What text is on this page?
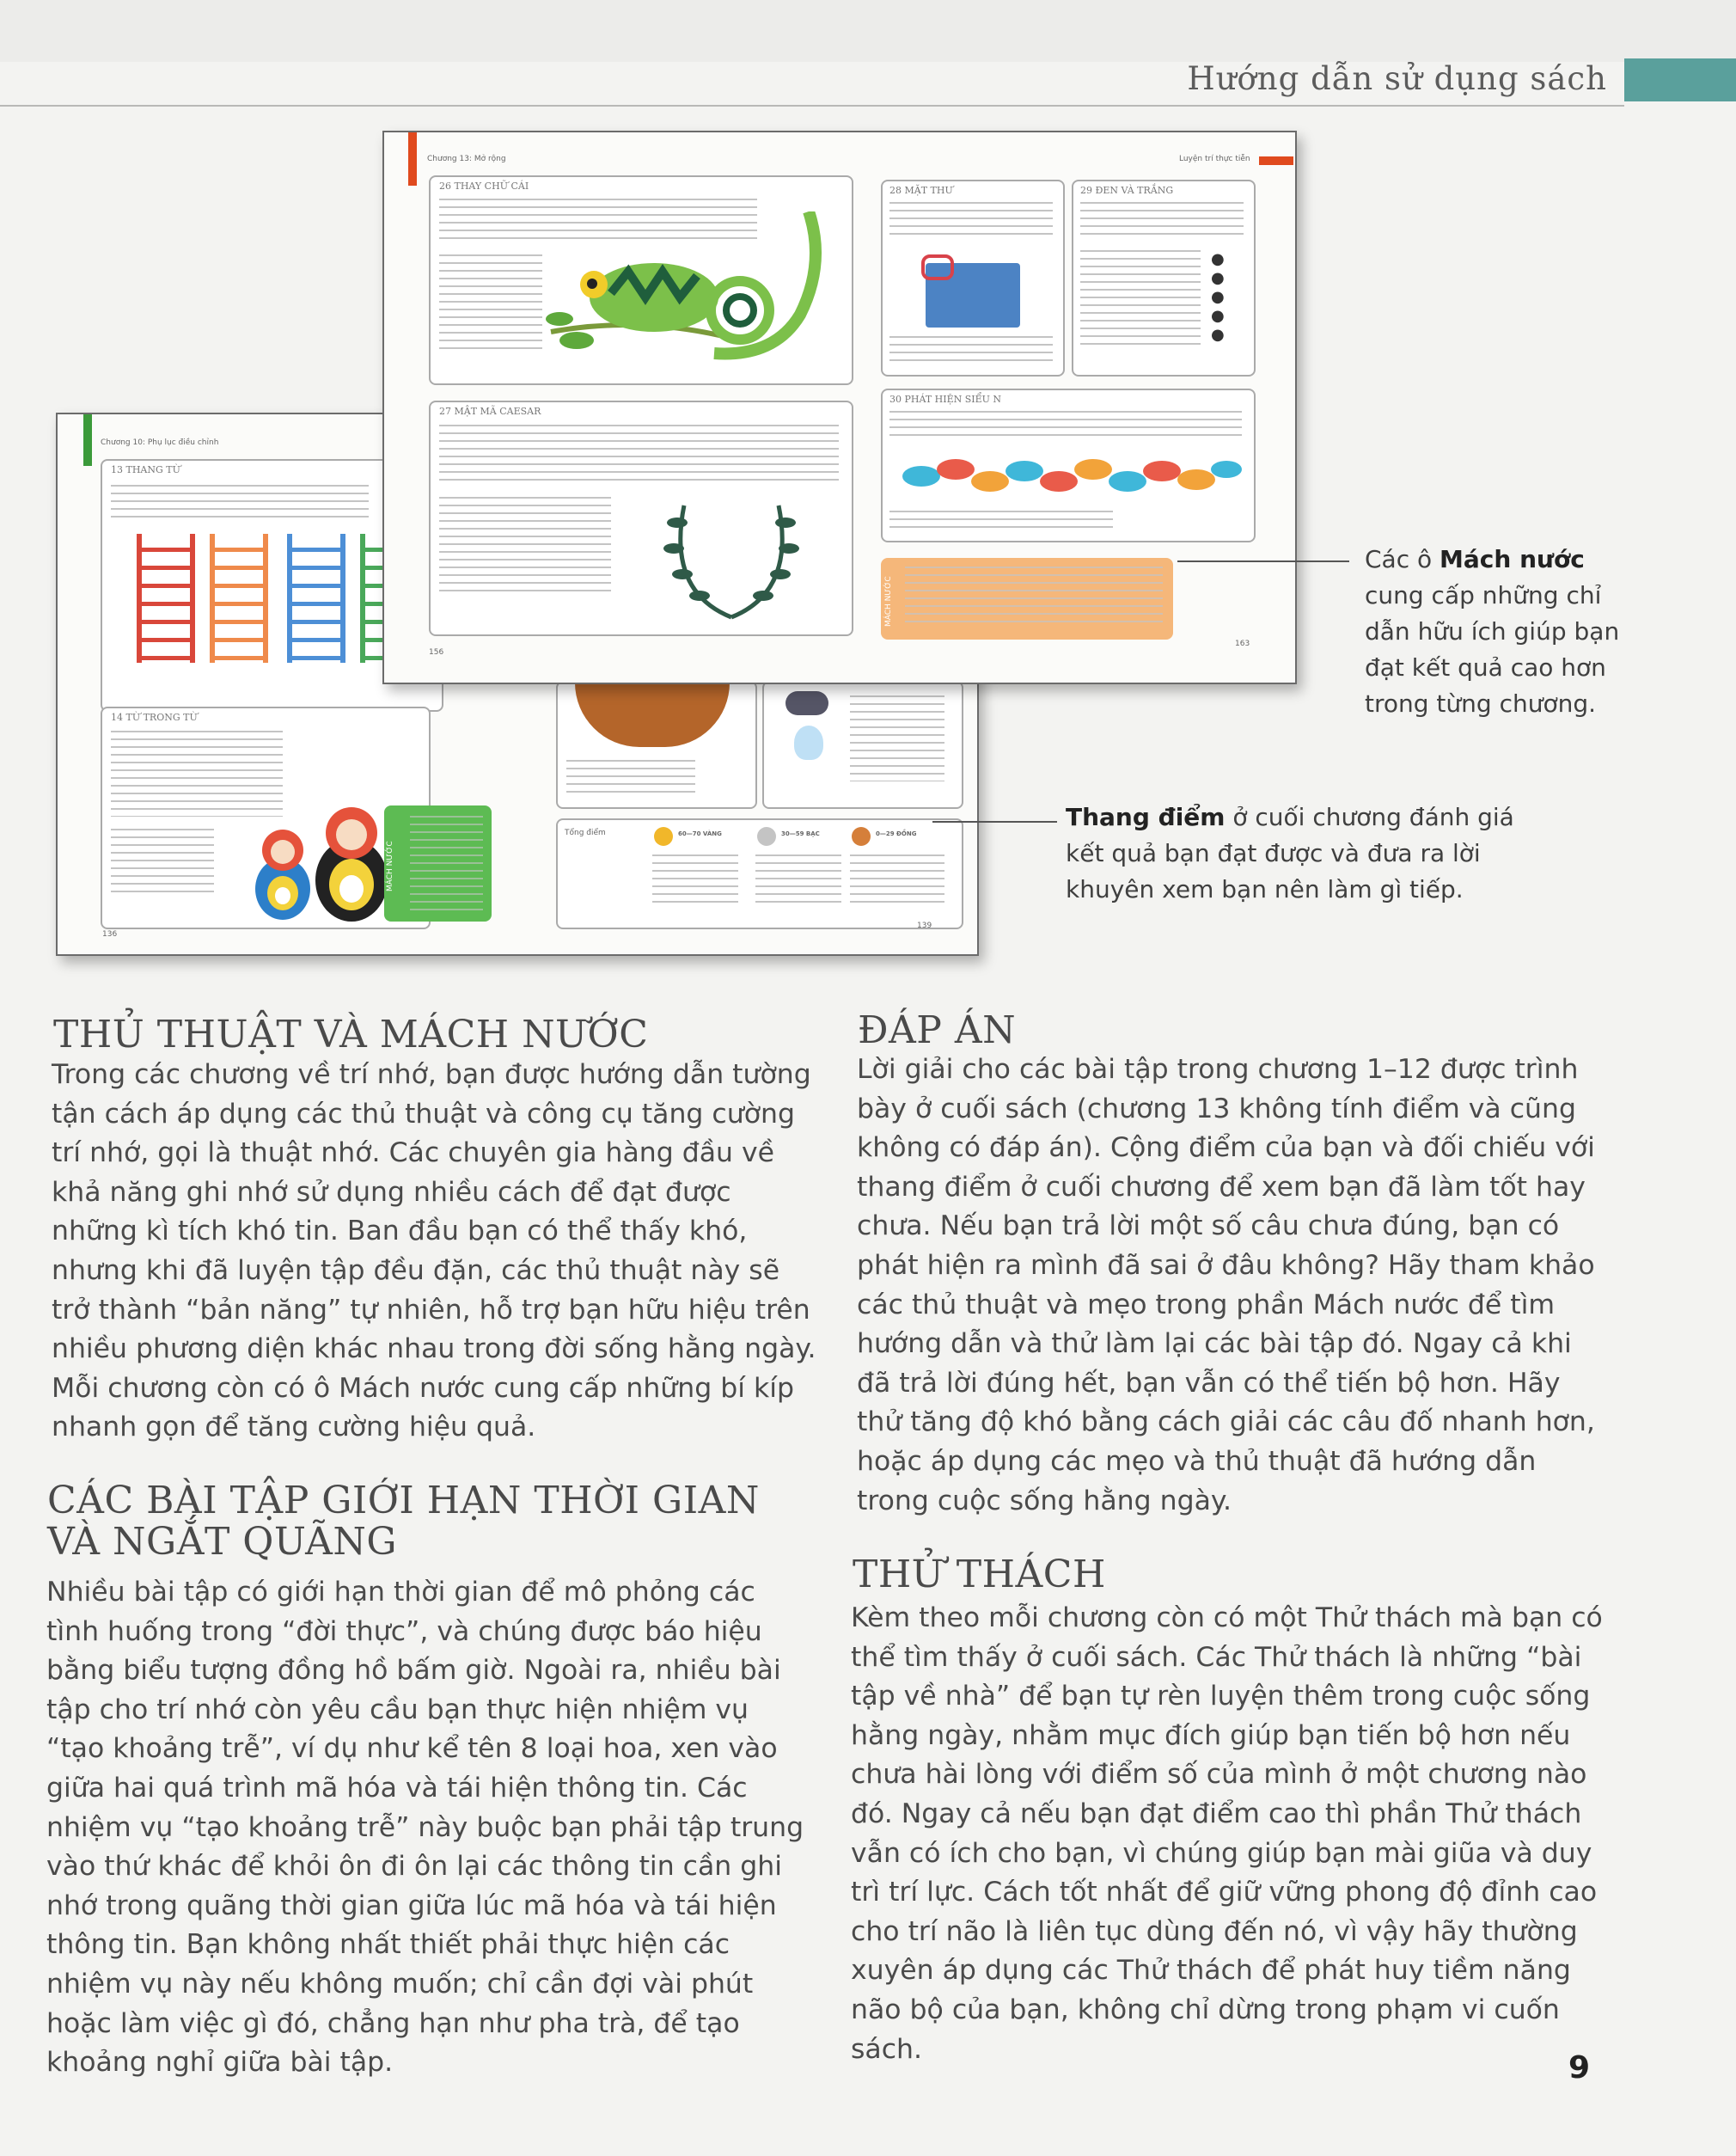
Hướng dẫn sử dụng sách
Chương 10: Phụ lục điều chỉnh
13 THANG TỪ
14 TỪ TRONG TỪ
MÁCH NƯỚC
Tổng điểm	60—70 VÀNG	30—59 BẠC	0—29 ĐỒNG
136
139
Chương 13: Mở rộng	Luyện trí thực tiễn
26 THAY CHỮ CÁI
27 MẬT MÃ CAESAR
28 MẶT THƯ	29 ĐEN VÀ TRẮNG
●
●
●
●
●
30 PHÁT HIỆN SIỂU N
MÁCH NƯỚC
156
163
Các ô Mách nước cung cấp những chỉ dẫn hữu ích giúp bạn đạt kết quả cao hơn trong từng chương.
Thang điểm ở cuối chương đánh giá kết quả bạn đạt được và đưa ra lời khuyên xem bạn nên làm gì tiếp.
THỦ THUẬT VÀ MÁCH NƯỚC
Trong các chương về trí nhớ, bạn được hướng dẫn tường tận cách áp dụng các thủ thuật và công cụ tăng cường trí nhớ, gọi là thuật nhớ. Các chuyên gia hàng đầu về khả năng ghi nhớ sử dụng nhiều cách để đạt được những kì tích khó tin. Ban đầu bạn có thể thấy khó, nhưng khi đã luyện tập đều đặn, các thủ thuật này sẽ trở thành “bản năng” tự nhiên, hỗ trợ bạn hữu hiệu trên nhiều phương diện khác nhau trong đời sống hằng ngày. Mỗi chương còn có ô Mách nước cung cấp những bí kíp nhanh gọn để tăng cường hiệu quả.
CÁC BÀI TẬP GIỚI HẠN THỜI GIAN VÀ NGẮT QUÃNG
Nhiều bài tập có giới hạn thời gian để mô phỏng các tình huống trong “đời thực”, và chúng được báo hiệu bằng biểu tượng đồng hồ bấm giờ. Ngoài ra, nhiều bài tập cho trí nhớ còn yêu cầu bạn thực hiện nhiệm vụ “tạo khoảng trễ”, ví dụ như kể tên 8 loại hoa, xen vào giữa hai quá trình mã hóa và tái hiện thông tin. Các nhiệm vụ “tạo khoảng trễ” này buộc bạn phải tập trung vào thứ khác để khỏi ôn đi ôn lại các thông tin cần ghi nhớ trong quãng thời gian giữa lúc mã hóa và tái hiện thông tin. Bạn không nhất thiết phải thực hiện các nhiệm vụ này nếu không muốn; chỉ cần đợi vài phút hoặc làm việc gì đó, chẳng hạn như pha trà, để tạo khoảng nghỉ giữa bài tập.
ĐÁP ÁN
Lời giải cho các bài tập trong chương 1–12 được trình bày ở cuối sách (chương 13 không tính điểm và cũng không có đáp án). Cộng điểm của bạn và đối chiếu với thang điểm ở cuối chương để xem bạn đã làm tốt hay chưa. Nếu bạn trả lời một số câu chưa đúng, bạn có phát hiện ra mình đã sai ở đâu không? Hãy tham khảo các thủ thuật và mẹo trong phần Mách nước để tìm hướng dẫn và thử làm lại các bài tập đó. Ngay cả khi đã trả lời đúng hết, bạn vẫn có thể tiến bộ hơn. Hãy thử tăng độ khó bằng cách giải các câu đố nhanh hơn, hoặc áp dụng các mẹo và thủ thuật đã hướng dẫn trong cuộc sống hằng ngày.
THỬ THÁCH
Kèm theo mỗi chương còn có một Thử thách mà bạn có thể tìm thấy ở cuối sách. Các Thử thách là những “bài tập về nhà” để bạn tự rèn luyện thêm trong cuộc sống hằng ngày, nhằm mục đích giúp bạn tiến bộ hơn nếu chưa hài lòng với điểm số của mình ở một chương nào đó. Ngay cả nếu bạn đạt điểm cao thì phần Thử thách vẫn có ích cho bạn, vì chúng giúp bạn mài giũa và duy trì trí lực. Cách tốt nhất để giữ vững phong độ đỉnh cao cho trí não là liên tục dùng đến nó, vì vậy hãy thường xuyên áp dụng các Thử thách để phát huy tiềm năng não bộ của bạn, không chỉ dừng trong phạm vi cuốn sách.
9
